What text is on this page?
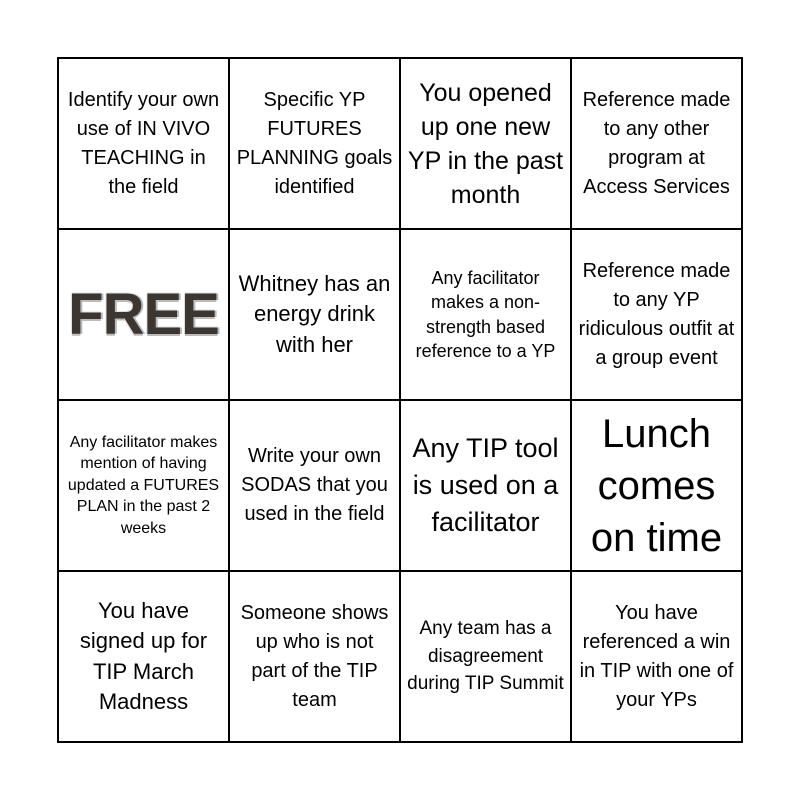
Identify your own use of IN VIVO TEACHING in the field
Specific YP FUTURES PLANNING goals identified
You opened up one new YP in the past month
Reference made to any other program at Access Services
FREE Whitney has an energy drink with her
Any facilitator makes a non-strength based reference to a YP
Reference made to any YP ridiculous outfit at a group event
Any facilitator makes mention of having updated a FUTURES PLAN in the past 2 weeks
Write your own SODAS that you used in the field
Any TIP tool is used on a facilitator
Lunch comes on time
You have signed up for TIP March Madness
Someone shows up who is not part of the TIP team
Any team has a disagreement during TIP Summit
You have referenced a win in TIP with one of your YPs
